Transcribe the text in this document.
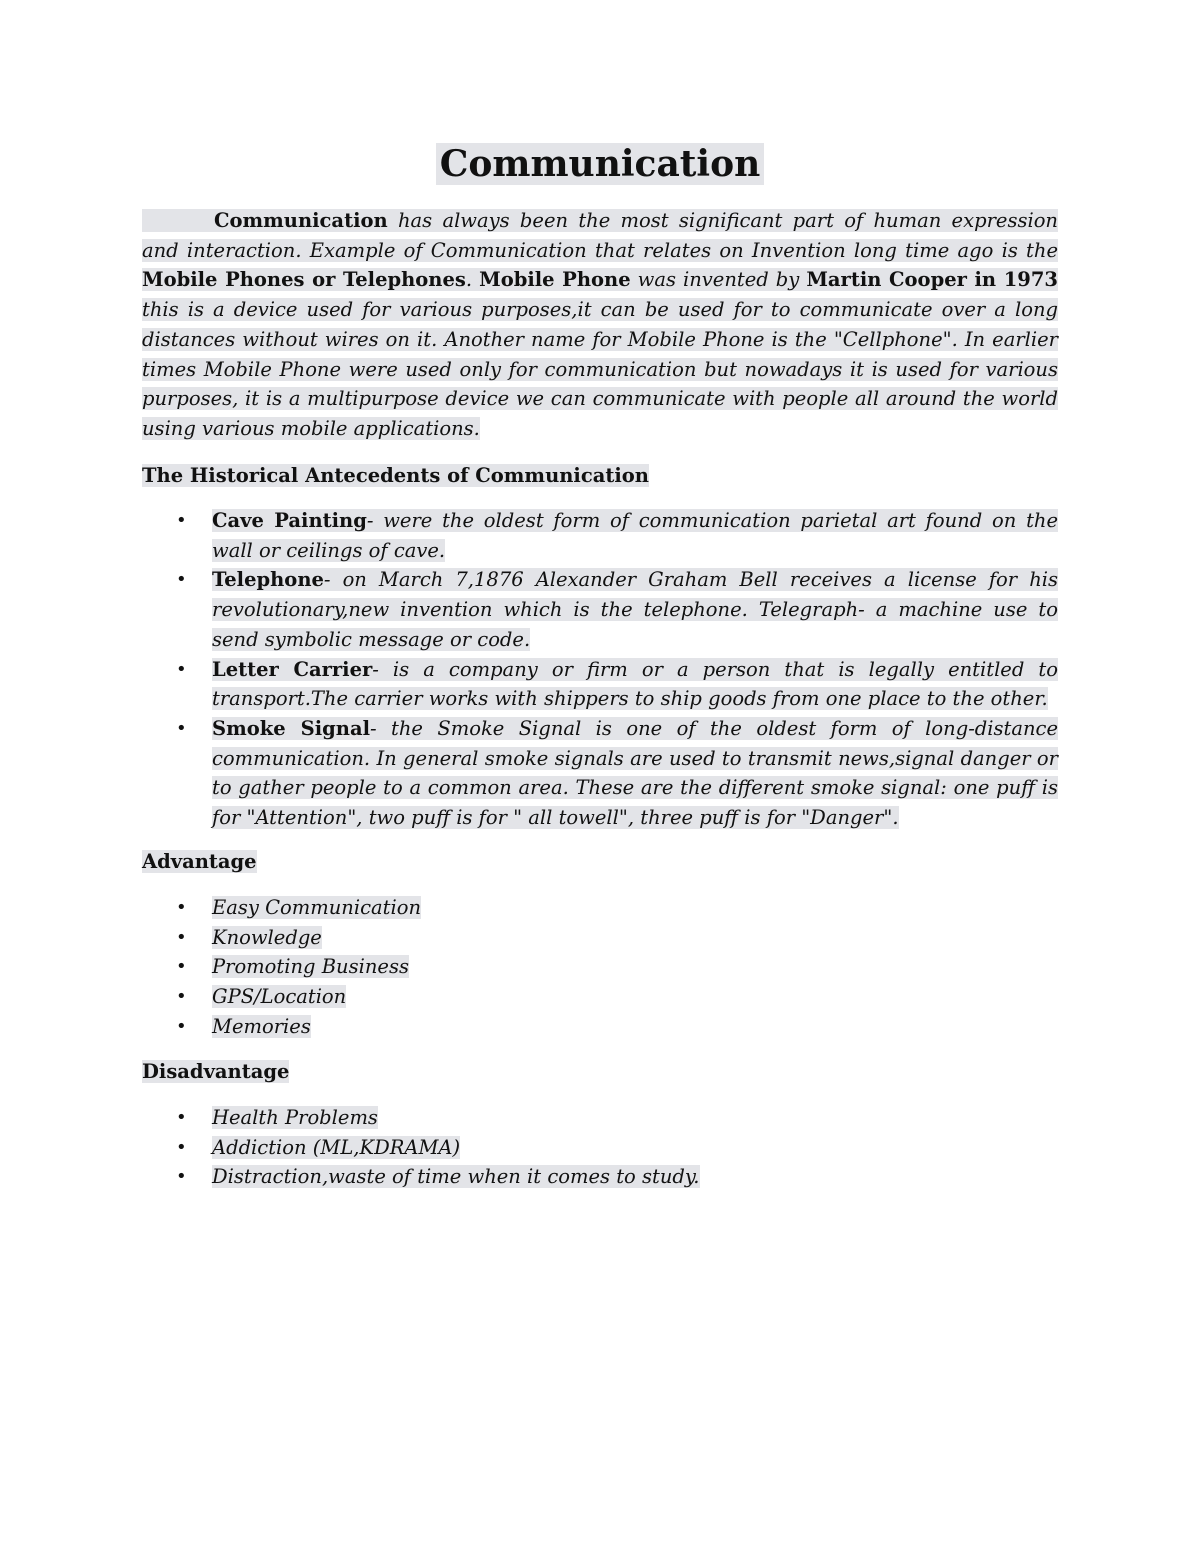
Communication

Communication has always been the most significant part of human expression and interaction. Example of Communication that relates on Invention long time ago is the Mobile Phones or Telephones. Mobile Phone was invented by Martin Cooper in 1973 this is a device used for various purposes,it can be used for to communicate over a long distances without wires on it. Another name for Mobile Phone is the "Cellphone". In earlier times Mobile Phone were used only for communication but nowadays it is used for various purposes, it is a multipurpose device we can communicate with people all around the world using various mobile applications.

The Historical Antecedents of Communication
• Cave Painting- were the oldest form of communication parietal art found on the wall or ceilings of cave.
• Telephone- on March 7,1876 Alexander Graham Bell receives a license for his revolutionary,new invention which is the telephone. Telegraph- a machine use to send symbolic message or code.
• Letter Carrier- is a company or firm or a person that is legally entitled to transport.The carrier works with shippers to ship goods from one place to the other.
• Smoke Signal- the Smoke Signal is one of the oldest form of long-distance communication. In general smoke signals are used to transmit news,signal danger or to gather people to a common area. These are the different smoke signal: one puff is for "Attention", two puff is for " all towell", three puff is for "Danger".
Advantage
• Easy Communication
• Knowledge
• Promoting Business
• GPS/Location
• Memories
Disadvantage
• Health Problems
• Addiction (ML,KDRAMA)
• Distraction,waste of time when it comes to study.
